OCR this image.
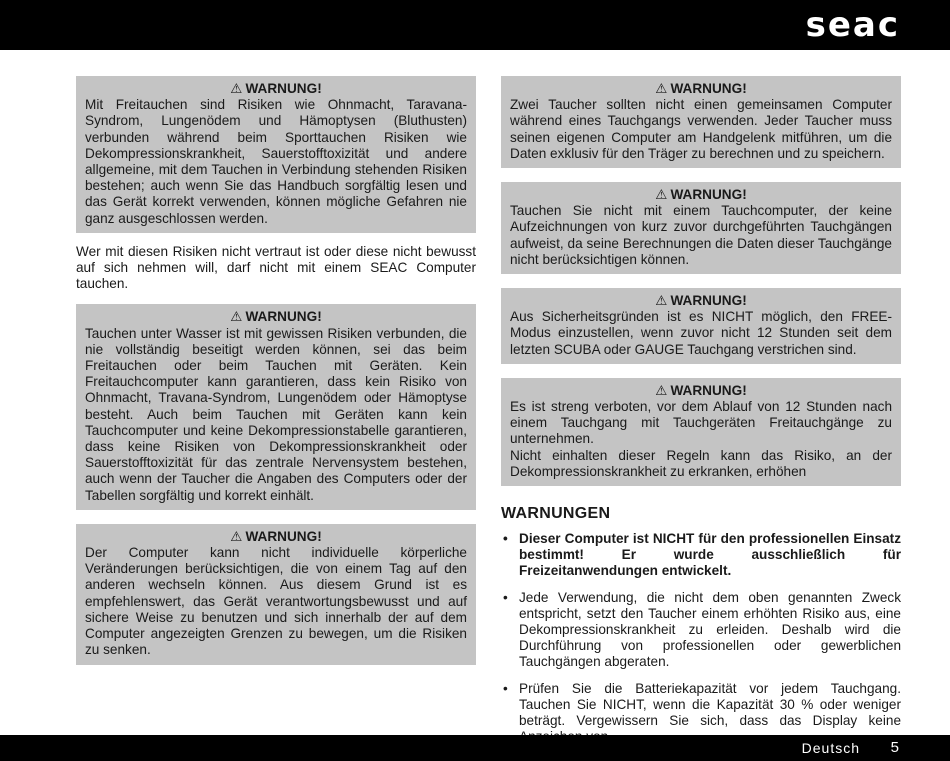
seac
⚠ WARNUNG!
Mit Freitauchen sind Risiken wie Ohnmacht, Taravana-Syndrom, Lungenödem und Hämoptysen (Bluthusten) verbunden während beim Sporttauchen Risiken wie Dekompressionskrankheit, Sauerstofftoxizität und andere allgemeine, mit dem Tauchen in Verbindung stehenden Risiken bestehen; auch wenn Sie das Handbuch sorgfältig lesen und das Gerät korrekt verwenden, können mögliche Gefahren nie ganz ausgeschlossen werden.

Wer mit diesen Risiken nicht vertraut ist oder diese nicht bewusst auf sich nehmen will, darf nicht mit einem SEAC Computer tauchen.

⚠ WARNUNG!
Tauchen unter Wasser ist mit gewissen Risiken verbunden, die nie vollständig beseitigt werden können, sei das beim Freitauchen oder beim Tauchen mit Geräten. Kein Freitauchcomputer kann garantieren, dass kein Risiko von Ohnmacht, Travana-Syndrom, Lungenödem oder Hämoptyse besteht. Auch beim Tauchen mit Geräten kann kein Tauchcomputer und keine Dekompressionstabelle garantieren, dass keine Risiken von Dekompressionskrankheit oder Sauerstofftoxizität für das zentrale Nervensystem bestehen, auch wenn der Taucher die Angaben des Computers oder der Tabellen sorgfältig und korrekt einhält.
⚠ WARNUNG!
Der Computer kann nicht individuelle körperliche Veränderungen berücksichtigen, die von einem Tag auf den anderen wechseln können. Aus diesem Grund ist es empfehlenswert, das Gerät verantwortungsbewusst und auf sichere Weise zu benutzen und sich innerhalb der auf dem Computer angezeigten Grenzen zu bewegen, um die Risiken zu senken.
⚠ WARNUNG!
Zwei Taucher sollten nicht einen gemeinsamen Computer während eines Tauchgangs verwenden. Jeder Taucher muss seinen eigenen Computer am Handgelenk mitführen, um die Daten exklusiv für den Träger zu berechnen und zu speichern.
⚠ WARNUNG!
Tauchen Sie nicht mit einem Tauchcomputer, der keine Aufzeichnungen von kurz zuvor durchgeführten Tauchgängen aufweist, da seine Berechnungen die Daten dieser Tauchgänge nicht berücksichtigen können.
⚠ WARNUNG!
Aus Sicherheitsgründen ist es NICHT möglich, den FREE-Modus einzustellen, wenn zuvor nicht 12 Stunden seit dem letzten SCUBA oder GAUGE Tauchgang verstrichen sind.
⚠ WARNUNG!
Es ist streng verboten, vor dem Ablauf von 12 Stunden nach einem Tauchgang mit Tauchgeräten Freitauchgänge zu unternehmen.
Nicht einhalten dieser Regeln kann das Risiko, an der Dekompressionskrankheit zu erkranken, erhöhen
WARNUNGEN
• Dieser Computer ist NICHT für den professionellen Einsatz bestimmt! Er wurde ausschließlich für Freizeitanwendungen entwickelt.
• Jede Verwendung, die nicht dem oben genannten Zweck entspricht, setzt den Taucher einem erhöhten Risiko aus, eine Dekompressionskrankheit zu erleiden. Deshalb wird die Durchführung von professionellen oder gewerblichen Tauchgängen abgeraten.
• Prüfen Sie die Batteriekapazität vor jedem Tauchgang. Tauchen Sie NICHT, wenn die Kapazität 30 % oder weniger beträgt. Vergewissern Sie sich, dass das Display keine
Deutsch 5
